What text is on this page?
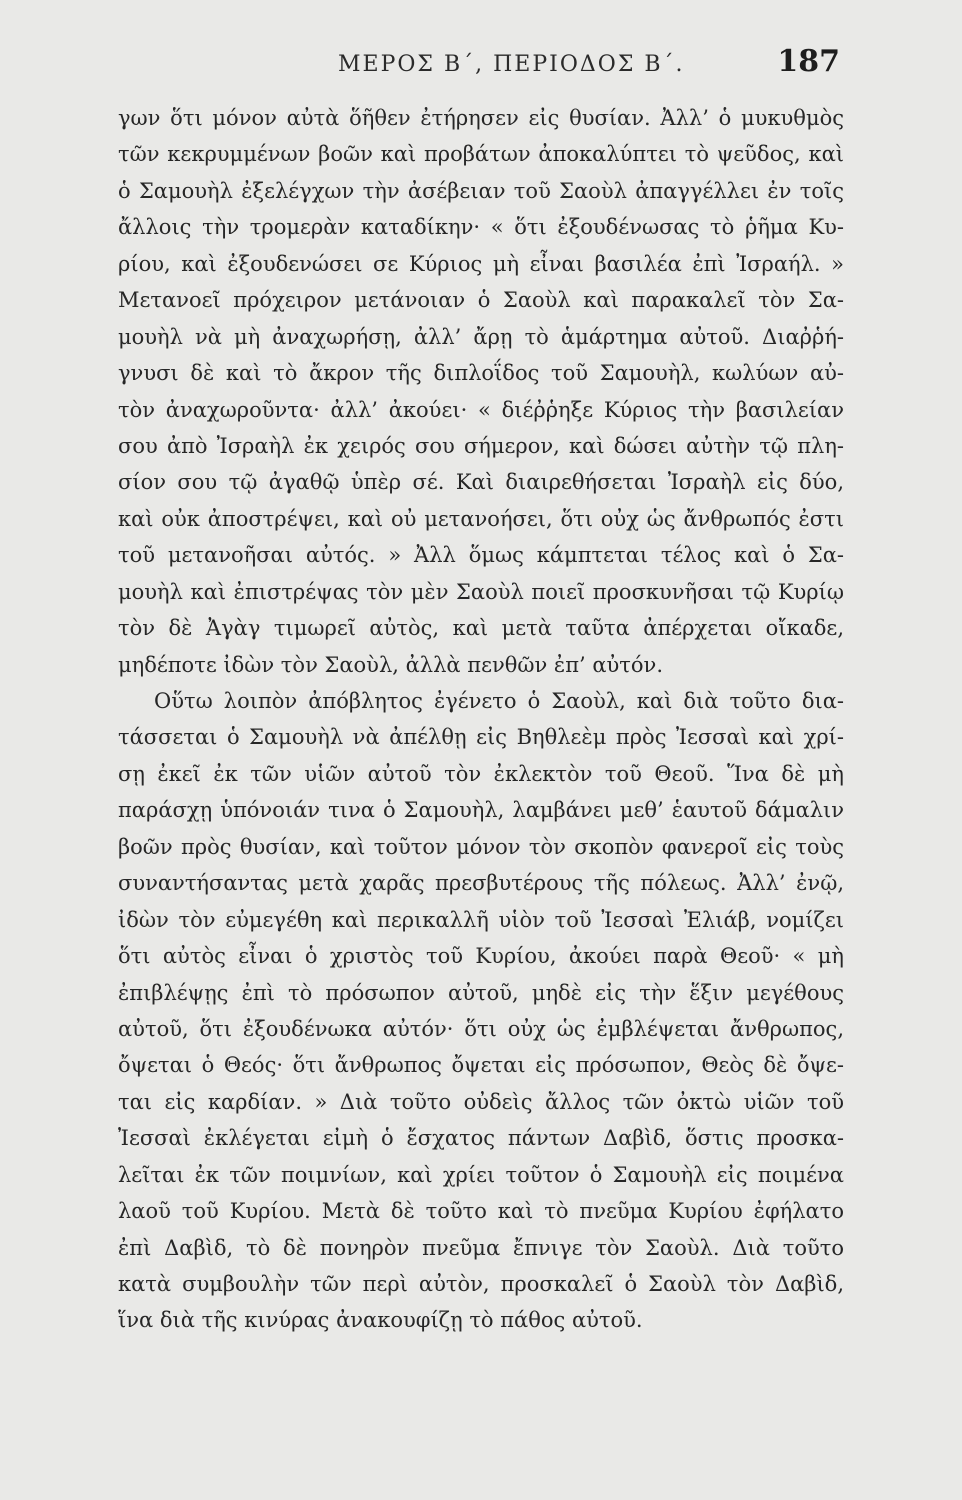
ΜΕΡΟΣ Β΄, ΠΕΡΙΟΔΟΣ Β΄.	187
γων ὅτι μόνον αὐτὰ ὅῆθεν ἐτήρησεν εἰς θυσίαν. Ἀλλ’ ὁ μυκυθμὸς
τῶν κεκρυμμένων βοῶν καὶ προβάτων ἀποκαλύπτει τὸ ψεῦδος, καὶ
ὁ Σαμουὴλ ἐξελέγχων τὴν ἀσέβειαν τοῦ Σαοὺλ ἀπαγγέλλει ἐν τοῖς
ἄλλοις τὴν τρομερὰν καταδίκην· « ὅτι ἐξουδένωσας τὸ ῥῆμα Κυ-
ρίου, καὶ ἐξουδενώσει σε Κύριος μὴ εἶναι βασιλέα ἐπὶ Ἰσραήλ. »
Μετανοεῖ πρόχειρον μετάνοιαν ὁ Σαοὺλ καὶ παρακαλεῖ τὸν Σα-
μουὴλ νὰ μὴ ἀναχωρήσῃ, ἀλλ’ ἄρῃ τὸ ἁμάρτημα αὐτοῦ. Διαῤῥή-
γνυσι δὲ καὶ τὸ ἄκρον τῆς διπλοΐδος τοῦ Σαμουὴλ, κωλύων αὐ-
τὸν ἀναχωροῦντα· ἀλλ’ ἀκούει· « διέῤῥηξε Κύριος τὴν βασιλείαν
σου ἀπὸ Ἰσραὴλ ἐκ χειρός σου σήμερον, καὶ δώσει αὐτὴν τῷ πλη-
σίον σου τῷ ἀγαθῷ ὑπὲρ σέ. Καὶ διαιρεθήσεται Ἰσραὴλ εἰς δύο,
καὶ οὐκ ἀποστρέψει, καὶ οὐ μετανοήσει, ὅτι οὐχ ὡς ἄνθρωπός ἐστι
τοῦ μετανοῆσαι αὐτός. » Ἀλλ ὅμως κάμπτεται τέλος καὶ ὁ Σα-
μουὴλ καὶ ἐπιστρέψας τὸν μὲν Σαοὺλ ποιεῖ προσκυνῆσαι τῷ Κυρίῳ
τὸν δὲ Ἀγὰγ τιμωρεῖ αὐτὸς, καὶ μετὰ ταῦτα ἀπέρχεται οἴκαδε,
μηδέποτε ἰδὼν τὸν Σαοὺλ, ἀλλὰ πενθῶν ἐπ’ αὐτόν.
Οὕτω λοιπὸν ἀπόβλητος ἐγένετο ὁ Σαοὺλ, καὶ διὰ τοῦτο δια-
τάσσεται ὁ Σαμουὴλ νὰ ἀπέλθῃ εἰς Βηθλεὲμ πρὸς Ἰεσσαὶ καὶ χρί-
σῃ ἐκεῖ ἐκ τῶν υἱῶν αὐτοῦ τὸν ἐκλεκτὸν τοῦ Θεοῦ. Ἵνα δὲ μὴ
παράσχῃ ὑπόνοιάν τινα ὁ Σαμουὴλ, λαμβάνει μεθ’ ἑαυτοῦ δάμαλιν
βοῶν πρὸς θυσίαν, καὶ τοῦτον μόνον τὸν σκοπὸν φανεροῖ εἰς τοὺς
συναντήσαντας μετὰ χαρᾶς πρεσβυτέρους τῆς πόλεως. Ἀλλ’ ἐνῷ,
ἰδὼν τὸν εὐμεγέθη καὶ περικαλλῆ υἱὸν τοῦ Ἰεσσαὶ Ἐλιάβ, νομίζει
ὅτι αὐτὸς εἶναι ὁ χριστὸς τοῦ Κυρίου, ἀκούει παρὰ Θεοῦ· « μὴ
ἐπιβλέψῃς ἐπὶ τὸ πρόσωπον αὐτοῦ, μηδὲ εἰς τὴν ἕξιν μεγέθους
αὐτοῦ, ὅτι ἐξουδένωκα αὐτόν· ὅτι οὐχ ὡς ἐμβλέψεται ἄνθρωπος,
ὄψεται ὁ Θεός· ὅτι ἄνθρωπος ὄψεται εἰς πρόσωπον, Θεὸς δὲ ὄψε-
ται εἰς καρδίαν. » Διὰ τοῦτο οὐδεὶς ἄλλος τῶν ὀκτὼ υἱῶν τοῦ
Ἰεσσαὶ ἐκλέγεται εἰμὴ ὁ ἔσχατος πάντων Δαβὶδ, ὅστις προσκα-
λεῖται ἐκ τῶν ποιμνίων, καὶ χρίει τοῦτον ὁ Σαμουὴλ εἰς ποιμένα
λαοῦ τοῦ Κυρίου. Μετὰ δὲ τοῦτο καὶ τὸ πνεῦμα Κυρίου ἐφήλατο
ἐπὶ Δαβὶδ, τὸ δὲ πονηρὸν πνεῦμα ἔπνιγε τὸν Σαοὺλ. Διὰ τοῦτο
κατὰ συμβουλὴν τῶν περὶ αὐτὸν, προσκαλεῖ ὁ Σαοὺλ τὸν Δαβὶδ,
ἵνα διὰ τῆς κινύρας ἀνακουφίζῃ τὸ πάθος αὐτοῦ.
